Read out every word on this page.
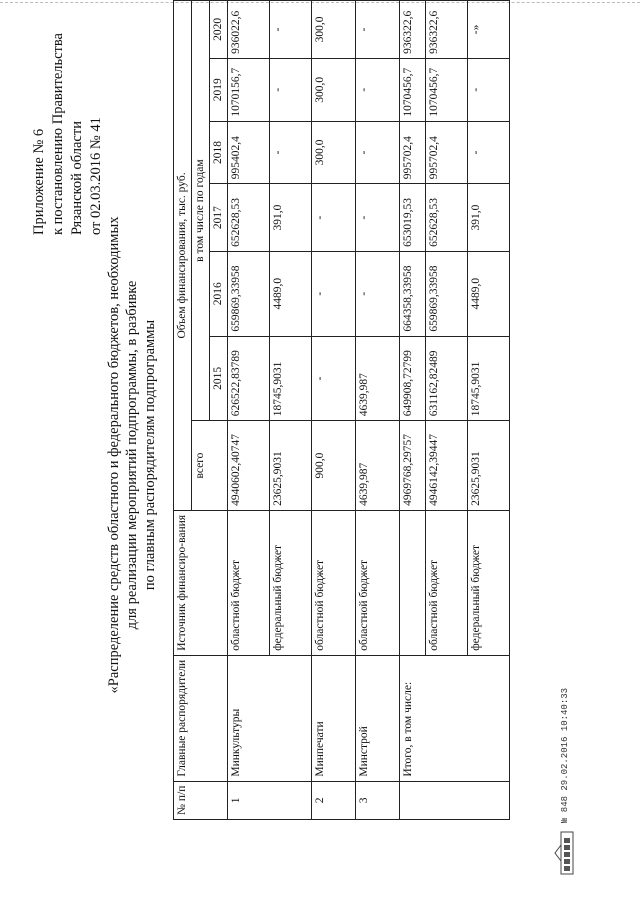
Приложение № 6 к постановлению Правительства Рязанской области от 02.03.2016 № 41
«Распределение средств областного и федерального бюджетов, необходимых для реализации мероприятий подпрограммы, в разбивке по главным распорядителям подпрограммы
№ п/п	Главные распорядители	Источник финансиро-вания	Объем финансирования, тыс. руб.						
			всего	в том числе по годам					
				2015	2016	2017	2018	2019	2020
1	Минкультуры	областной бюджет	4940602,40747	626522,83789	659869,33958	652628,53	995402,4	1070156,7	936022,6
		федеральный бюджет	23625,9031	18745,9031	4489,0	391,0	-	-	-
2	Минпечати	областной бюджет	900,0	-	-	-	300,0	300,0	300,0
3	Минстрой	областной бюджет	4639,987	4639,987	-	-	-	-	-
	Итого, в том числе:		4969768,29757	649908,72799	664358,33958	653019,53	995702,4	1070456,7	936322,6
		областной бюджет	4946142,39447	631162,82489	659869,33958	652628,53	995702,4	1070456,7	936322,6
		федеральный бюджет	23625,9031	18745,9031	4489,0	391,0	-	-	-»
№ 848 29.02.2016 10:40:33
